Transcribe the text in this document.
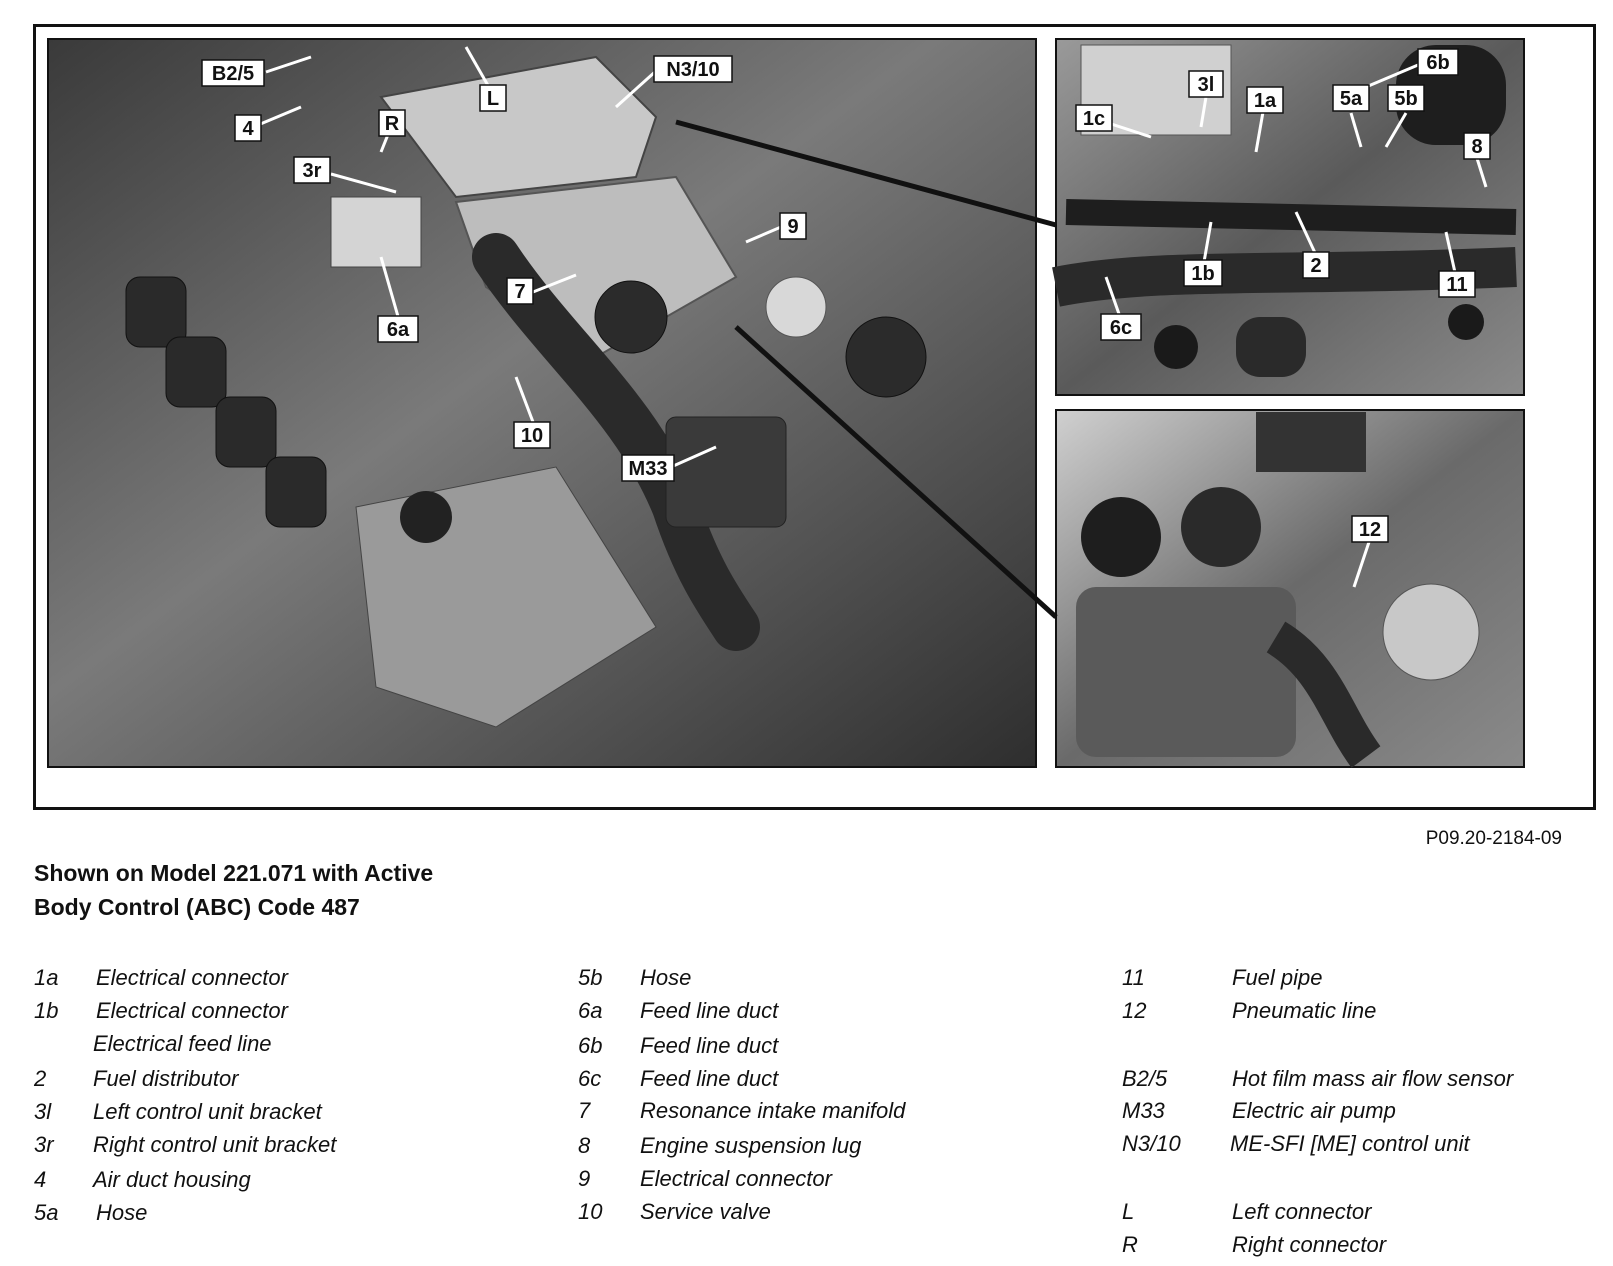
B2/5
L
N3/10
4	R
3r
9
7
6a
10
M33
3l
6b
1c
1a	5a 5b
8
2
1b	11
6c
12
P09.20-2184-09
Shown on Model 221.071 with Active
Body Control (ABC) Code 487
1a Electrical connector
1b Electrical connector
Electrical feed line
2 Fuel distributor
3l Left control unit bracket
3r Right control unit bracket
4 Air duct housing
5a Hose
5b Hose
6a Feed line duct
6b Feed line duct
6c Feed line duct
7 Resonance intake manifold
8 Engine suspension lug
9 Electrical connector
10 Service valve
11	Fuel pipe
12	Pneumatic line
B2/5	Hot film mass air flow sensor
M33	Electric air pump
N3/10 ME-SFI [ME] control unit
L	Left connector
R	Right connector
